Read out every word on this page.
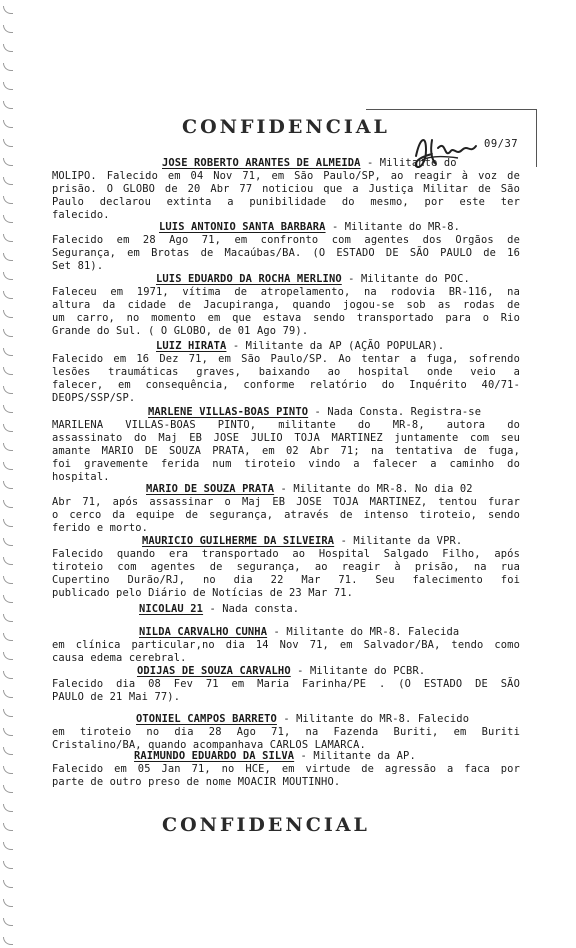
CONFIDENCIAL
09/37
JOSE ROBERTO ARANTES DE ALMEIDA - Militante do
MOLIPO. Falecido em 04 Nov 71, em São Paulo/SP, ao reagir à voz de
prisão. O GLOBO de 20 Abr 77 noticiou que a Justiça Militar de São
Paulo declarou extinta a punibilidade do mesmo, por este ter
falecido.
LUIS ANTONIO SANTA BARBARA - Militante do MR-8.
Falecido em 28 Ago 71, em confronto com agentes dos Orgãos de
Segurança, em Brotas de Macaúbas/BA. (O ESTADO DE SÃO PAULO de 16
Set 81).
LUIS EDUARDO DA ROCHA MERLINO - Militante do POC.
Faleceu em 1971, vítima de atropelamento, na rodovia BR-116, na
altura da cidade de Jacupiranga, quando jogou-se sob as rodas de
um carro, no momento em que estava sendo transportado para o Rio
Grande do Sul. ( O GLOBO, de 01 Ago 79).
LUIZ HIRATA - Militante da AP (AÇÃO POPULAR).
Falecido em 16 Dez 71, em São Paulo/SP. Ao tentar a fuga, sofrendo
lesões traumáticas graves, baixando ao hospital onde veio a
falecer, em consequência, conforme relatório do Inquérito 40/71-
DEOPS/SSP/SP.
MARLENE VILLAS-BOAS PINTO - Nada Consta. Registra-se
MARILENA VILLAS-BOAS PINTO, militante do MR-8, autora do
assassinato do Maj EB JOSE JULIO TOJA MARTINEZ juntamente com seu
amante MARIO DE SOUZA PRATA, em 02 Abr 71; na tentativa de fuga,
foi gravemente ferida num tiroteio vindo a falecer a caminho do
hospital.
MARIO DE SOUZA PRATA - Militante do MR-8. No dia 02
Abr 71, após assassinar o Maj EB JOSE TOJA MARTINEZ, tentou furar
o cerco da equipe de segurança, através de intenso tiroteio, sendo
ferido e morto.
MAURICIO GUILHERME DA SILVEIRA - Militante da VPR.
Falecido quando era transportado ao Hospital Salgado Filho, após
tiroteio com agentes de segurança, ao reagir à prisão, na rua
Cupertino Durão/RJ, no dia 22 Mar 71. Seu falecimento foi
publicado pelo Diário de Notícias de 23 Mar 71.
NICOLAU 21 - Nada consta.
NILDA CARVALHO CUNHA - Militante do MR-8. Falecida
em clínica particular,no dia 14 Nov 71, em Salvador/BA, tendo como
causa edema cerebral.
ODIJAS DE SOUZA CARVALHO - Militante do PCBR.
Falecido dia 08 Fev 71 em Maria Farinha/PE . (O ESTADO DE SÃO
PAULO de 21 Mai 77).
OTONIEL CAMPOS BARRETO - Militante do MR-8. Falecido
em tiroteio no dia 28 Ago 71, na Fazenda Buriti, em Buriti
Cristalino/BA, quando acompanhava CARLOS LAMARCA.
RAIMUNDO EDUARDO DA SILVA - Militante da AP.
Falecido em 05 Jan 71, no HCE, em virtude de agressão a faca por
parte de outro preso de nome MOACIR MOUTINHO.
CONFIDENCIAL
